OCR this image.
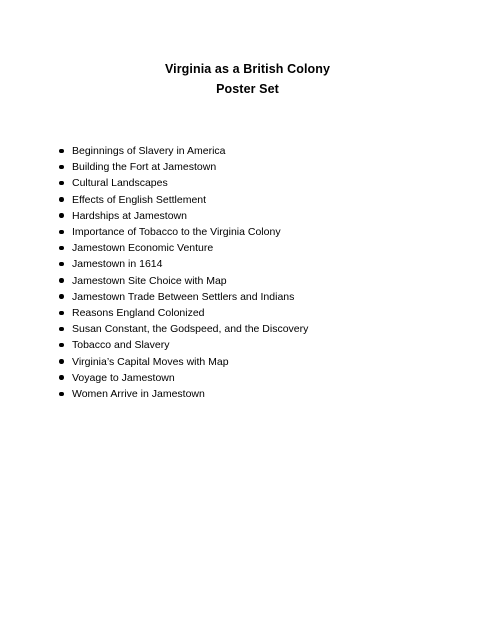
Virginia as a British Colony
Poster Set
Beginnings of Slavery in America
Building the Fort at Jamestown
Cultural Landscapes
Effects of English Settlement
Hardships at Jamestown
Importance of Tobacco to the Virginia Colony
Jamestown Economic Venture
Jamestown in 1614
Jamestown Site Choice with Map
Jamestown Trade Between Settlers and Indians
Reasons England Colonized
Susan Constant, the Godspeed, and the Discovery
Tobacco and Slavery
Virginia’s Capital Moves with Map
Voyage to Jamestown
Women Arrive in Jamestown
